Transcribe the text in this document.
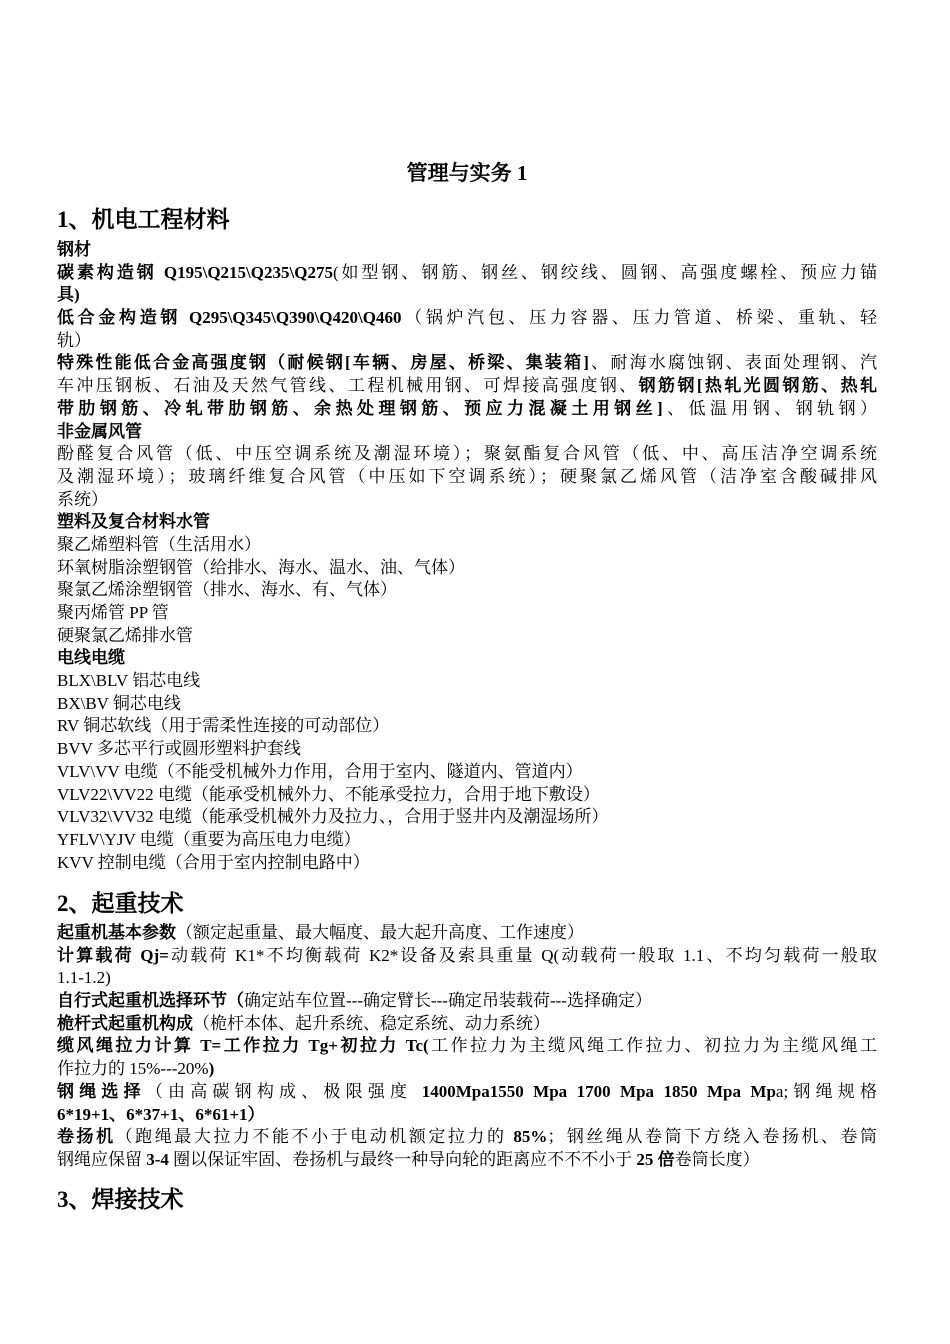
管理与实务 1
1、机电工程材料
钢材
碳素构造钢 Q195\Q215\Q235\Q275(如型钢、钢筋、钢丝、钢绞线、圆钢、高强度螺栓、预应力锚
具)
低合金构造钢 Q295\Q345\Q390\Q420\Q460（锅炉汽包、压力容器、压力管道、桥梁、重轨、轻
轨）
特殊性能低合金高强度钢（耐候钢[车辆、房屋、桥梁、集装箱]、耐海水腐蚀钢、表面处理钢、汽
车冲压钢板、石油及天然气管线、工程机械用钢、可焊接高强度钢、钢筋钢[热轧光圆钢筋、热轧
带肋钢筋、冷轧带肋钢筋、余热处理钢筋、预应力混凝土用钢丝]、低温用钢、钢轨钢）
非金属风管
酚醛复合风管（低、中压空调系统及潮湿环境）；聚氨酯复合风管（低、中、高压洁净空调系统
及潮湿环境）；玻璃纤维复合风管（中压如下空调系统）；硬聚氯乙烯风管（洁净室含酸碱排风
系统）
塑料及复合材料水管
聚乙烯塑料管（生活用水）
环氧树脂涂塑钢管（给排水、海水、温水、油、气体）
聚氯乙烯涂塑钢管（排水、海水、有、气体）
聚丙烯管 PP 管
硬聚氯乙烯排水管
电线电缆
BLX\BLV 铝芯电线
BX\BV 铜芯电线
RV 铜芯软线（用于需柔性连接的可动部位）
BVV 多芯平行或圆形塑料护套线
VLV\VV 电缆（不能受机械外力作用，合用于室内、隧道内、管道内）
VLV22\VV22 电缆（能承受机械外力、不能承受拉力，合用于地下敷设）
VLV32\VV32 电缆（能承受机械外力及拉力、，合用于竖井内及潮湿场所）
YFLV\YJV 电缆（重要为高压电力电缆）
KVV 控制电缆（合用于室内控制电路中）
2、起重技术
起重机基本参数（额定起重量、最大幅度、最大起升高度、工作速度）
计算载荷 Qj=动载荷 K1*不均衡载荷 K2*设备及索具重量 Q(动载荷一般取 1.1、不均匀载荷一般取
1.1-1.2)
自行式起重机选择环节（确定站车位置---确定臂长---确定吊装载荷---选择确定）
桅杆式起重机构成（桅杆本体、起升系统、稳定系统、动力系统）
缆风绳拉力计算 T=工作拉力 Tg+初拉力 Tc(工作拉力为主缆风绳工作拉力、初拉力为主缆风绳工
作拉力的 15%---20%)
钢绳选择（由高碳钢构成、极限强度 1400Mpa1550 Mpa 1700 Mpa 1850 Mpa Mpa;钢绳规格
6*19+1、6*37+1、6*61+1）
卷扬机（跑绳最大拉力不能不小于电动机额定拉力的 85%；钢丝绳从卷筒下方绕入卷扬机、卷筒
钢绳应保留 3-4 圈以保证牢固、卷扬机与最终一种导向轮的距离应不不不小于 25 倍卷筒长度）
3、焊接技术
